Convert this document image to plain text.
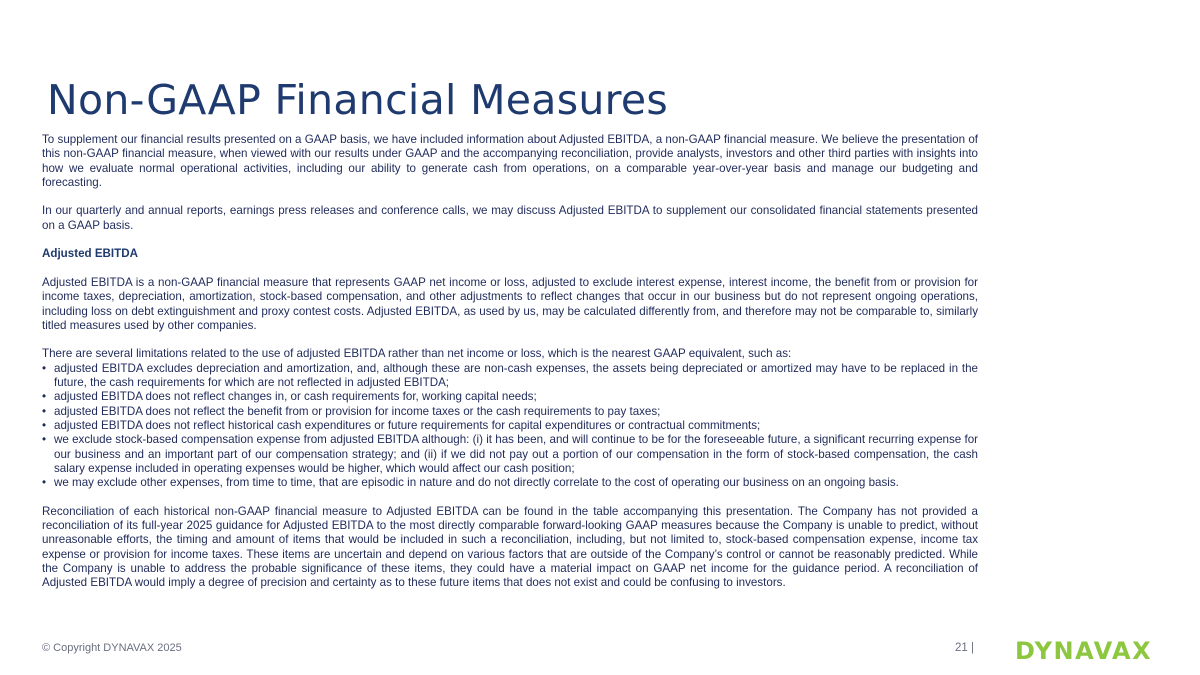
Non-GAAP Financial Measures

To supplement our financial results presented on a GAAP basis, we have included information about Adjusted EBITDA, a non-GAAP financial measure. We believe the presentation of this non-GAAP financial measure, when viewed with our results under GAAP and the accompanying reconciliation, provide analysts, investors and other third parties with insights into how we evaluate normal operational activities, including our ability to generate cash from operations, on a comparable year-over-year basis and manage our budgeting and forecasting.

In our quarterly and annual reports, earnings press releases and conference calls, we may discuss Adjusted EBITDA to supplement our consolidated financial statements presented on a GAAP basis.

Adjusted EBITDA

Adjusted EBITDA is a non-GAAP financial measure that represents GAAP net income or loss, adjusted to exclude interest expense, interest income, the benefit from or provision for income taxes, depreciation, amortization, stock-based compensation, and other adjustments to reflect changes that occur in our business but do not represent ongoing operations, including loss on debt extinguishment and proxy contest costs. Adjusted EBITDA, as used by us, may be calculated differently from, and therefore may not be comparable to, similarly titled measures used by other companies.

There are several limitations related to the use of adjusted EBITDA rather than net income or loss, which is the nearest GAAP equivalent, such as:

• adjusted EBITDA excludes depreciation and amortization, and, although these are non-cash expenses, the assets being depreciated or amortized may have to be replaced in the future, the cash requirements for which are not reflected in adjusted EBITDA;
• adjusted EBITDA does not reflect changes in, or cash requirements for, working capital needs;
• adjusted EBITDA does not reflect the benefit from or provision for income taxes or the cash requirements to pay taxes;
• adjusted EBITDA does not reflect historical cash expenditures or future requirements for capital expenditures or contractual commitments;
• we exclude stock-based compensation expense from adjusted EBITDA although: (i) it has been, and will continue to be for the foreseeable future, a significant recurring expense for our business and an important part of our compensation strategy; and (ii) if we did not pay out a portion of our compensation in the form of stock-based compensation, the cash salary expense included in operating expenses would be higher, which would affect our cash position;
• we may exclude other expenses, from time to time, that are episodic in nature and do not directly correlate to the cost of operating our business on an ongoing basis.

Reconciliation of each historical non-GAAP financial measure to Adjusted EBITDA can be found in the table accompanying this presentation. The Company has not provided a reconciliation of its full-year 2025 guidance for Adjusted EBITDA to the most directly comparable forward-looking GAAP measures because the Company is unable to predict, without unreasonable efforts, the timing and amount of items that would be included in such a reconciliation, including, but not limited to, stock-based compensation expense, income tax expense or provision for income taxes. These items are uncertain and depend on various factors that are outside of the Company’s control or cannot be reasonably predicted. While the Company is unable to address the probable significance of these items, they could have a material impact on GAAP net income for the guidance period. A reconciliation of Adjusted EBITDA would imply a degree of precision and certainty as to these future items that does not exist and could be confusing to investors.

© Copyright DYNAVAX 2025	21 | DYNAVAX
